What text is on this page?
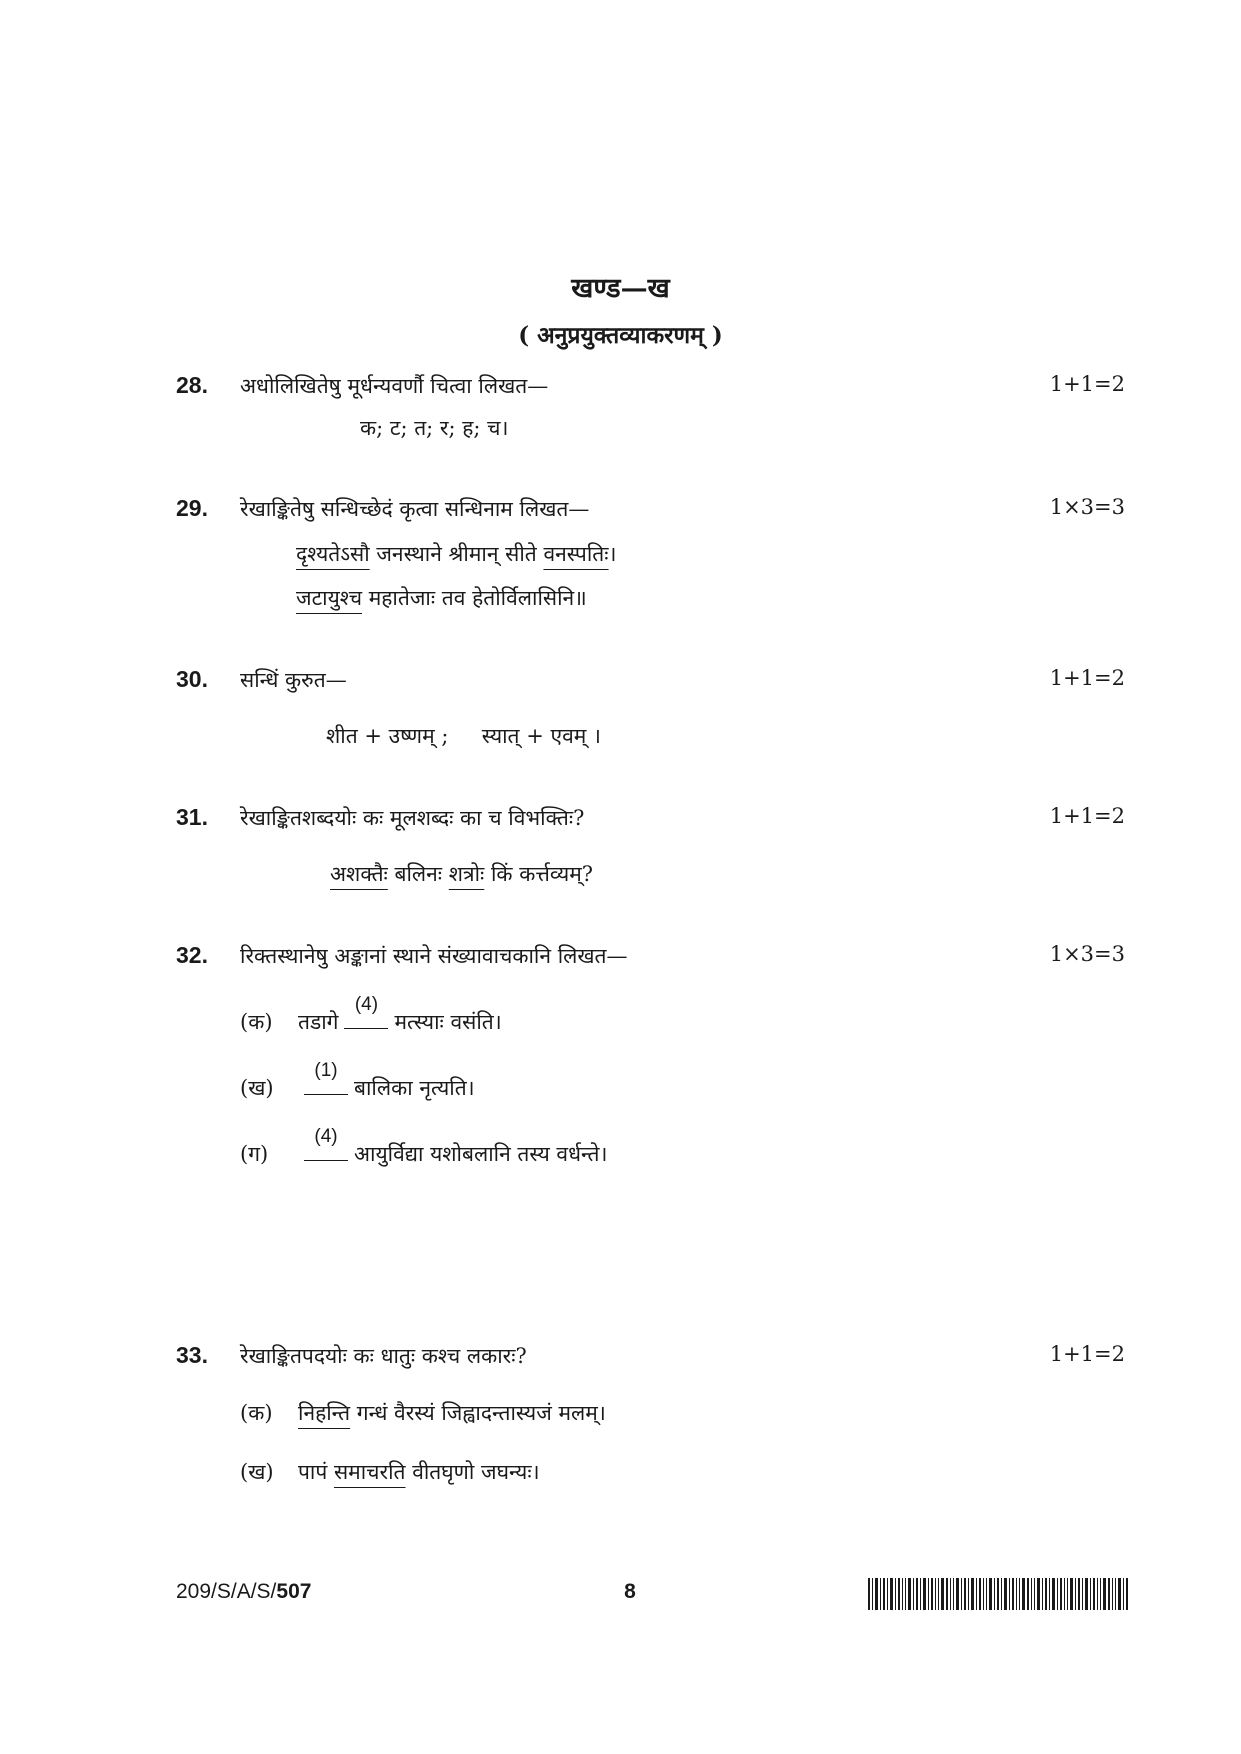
खण्ड—ख
( अनुप्रयुक्तव्याकरणम् )
28. अधोलिखितेषु मूर्धन्यवर्णौ चित्वा लिखत—	1+1=2
क; ट; त; र; ह; च।
29. रेखाङ्कितेषु सन्धिच्छेदं कृत्वा सन्धिनाम लिखत—	1×3=3
दृश्यतेऽसौ जनस्थाने श्रीमान् सीते वनस्पतिः।
जटायुश्च महातेजाः तव हेतोर्विलासिनि॥
30. सन्धिं कुरुत—	1+1=2
शीत + उष्णम् ;     स्यात् + एवम् ।
31. रेखाङ्कितशब्दयोः कः मूलशब्दः का च विभक्तिः?	1+1=2
अशक्तैः बलिनः शत्रोः किं कर्त्तव्यम्?
32. रिक्तस्थानेषु अङ्कानां स्थाने संख्यावाचकानि लिखत—	1×3=3
(क) तडागे
(4)
मत्स्याः वसंति।
(ख)
(1)
बालिका नृत्यति।
(ग)
(4)
आयुर्विद्या यशोबलानि तस्य वर्धन्ते।
33. रेखाङ्कितपदयोः कः धातुः कश्च लकारः?	1+1=2
(क) निहन्ति गन्धं वैरस्यं जिह्वादन्तास्यजं मलम्।
(ख) पापं समाचरति वीतघृणो जघन्यः।
209/S/A/S/507	8
